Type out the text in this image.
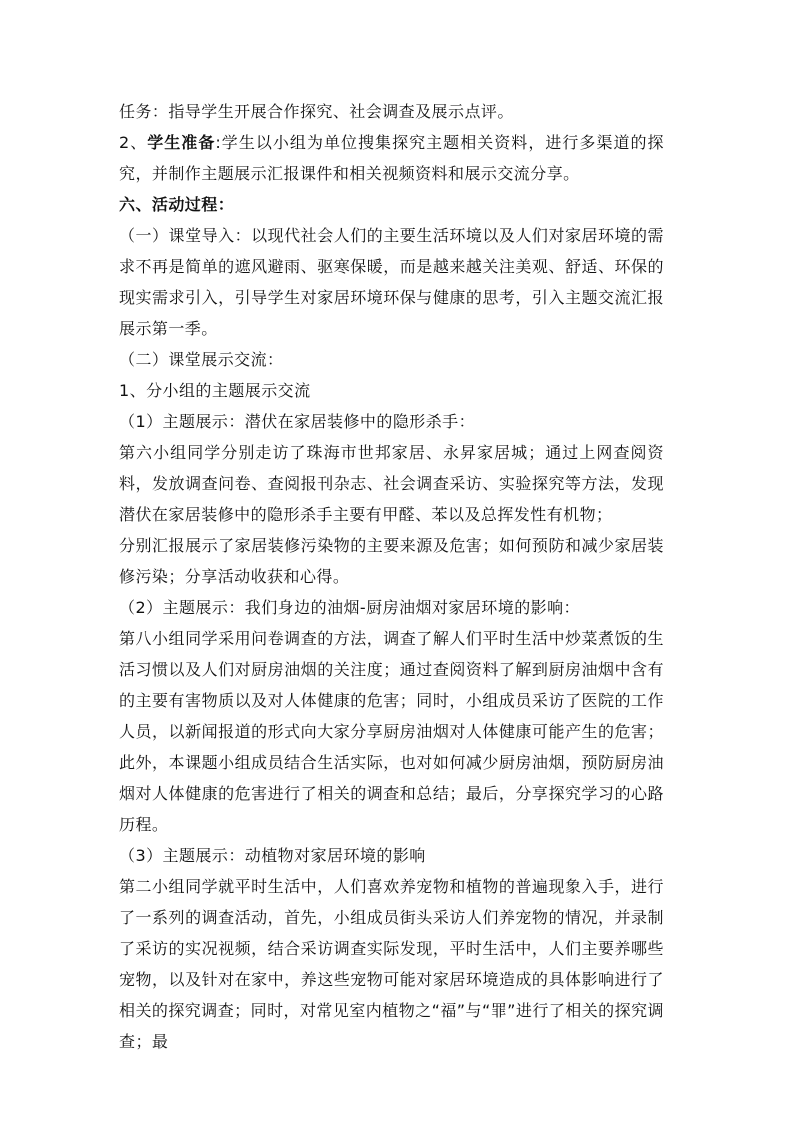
任务：指导学生开展合作探究、社会调查及展示点评。

2、学生准备:学生以小组为单位搜集探究主题相关资料，进行多渠道的探究，并制作主题展示汇报课件和相关视频资料和展示交流分享。

六、活动过程：

（一）课堂导入：以现代社会人们的主要生活环境以及人们对家居环境的需求不再是简单的遮风避雨、驱寒保暖，而是越来越关注美观、舒适、环保的现实需求引入，引导学生对家居环境环保与健康的思考，引入主题交流汇报展示第一季。

（二）课堂展示交流：

1、分小组的主题展示交流

（1）主题展示：潜伏在家居装修中的隐形杀手：

第六小组同学分别走访了珠海市世邦家居、永昇家居城；通过上网查阅资料，发放调查问卷、查阅报刊杂志、社会调查采访、实验探究等方法，发现潜伏在家居装修中的隐形杀手主要有甲醛、苯以及总挥发性有机物；

分别汇报展示了家居装修污染物的主要来源及危害；如何预防和减少家居装修污染；分享活动收获和心得。

（2）主题展示：我们身边的油烟-厨房油烟对家居环境的影响：

第八小组同学采用问卷调查的方法，调查了解人们平时生活中炒菜煮饭的生活习惯以及人们对厨房油烟的关注度；通过查阅资料了解到厨房油烟中含有的主要有害物质以及对人体健康的危害；同时，小组成员采访了医院的工作人员，以新闻报道的形式向大家分享厨房油烟对人体健康可能产生的危害；此外，本课题小组成员结合生活实际，也对如何减少厨房油烟，预防厨房油烟对人体健康的危害进行了相关的调查和总结；最后，分享探究学习的心路历程。

（3）主题展示：动植物对家居环境的影响

第二小组同学就平时生活中，人们喜欢养宠物和植物的普遍现象入手，进行了一系列的调查活动，首先，小组成员街头采访人们养宠物的情况，并录制了采访的实况视频，结合采访调查实际发现，平时生活中，人们主要养哪些宠物，以及针对在家中，养这些宠物可能对家居环境造成的具体影响进行了相关的探究调查；同时，对常见室内植物之“福”与“罪”进行了相关的探究调查；最
